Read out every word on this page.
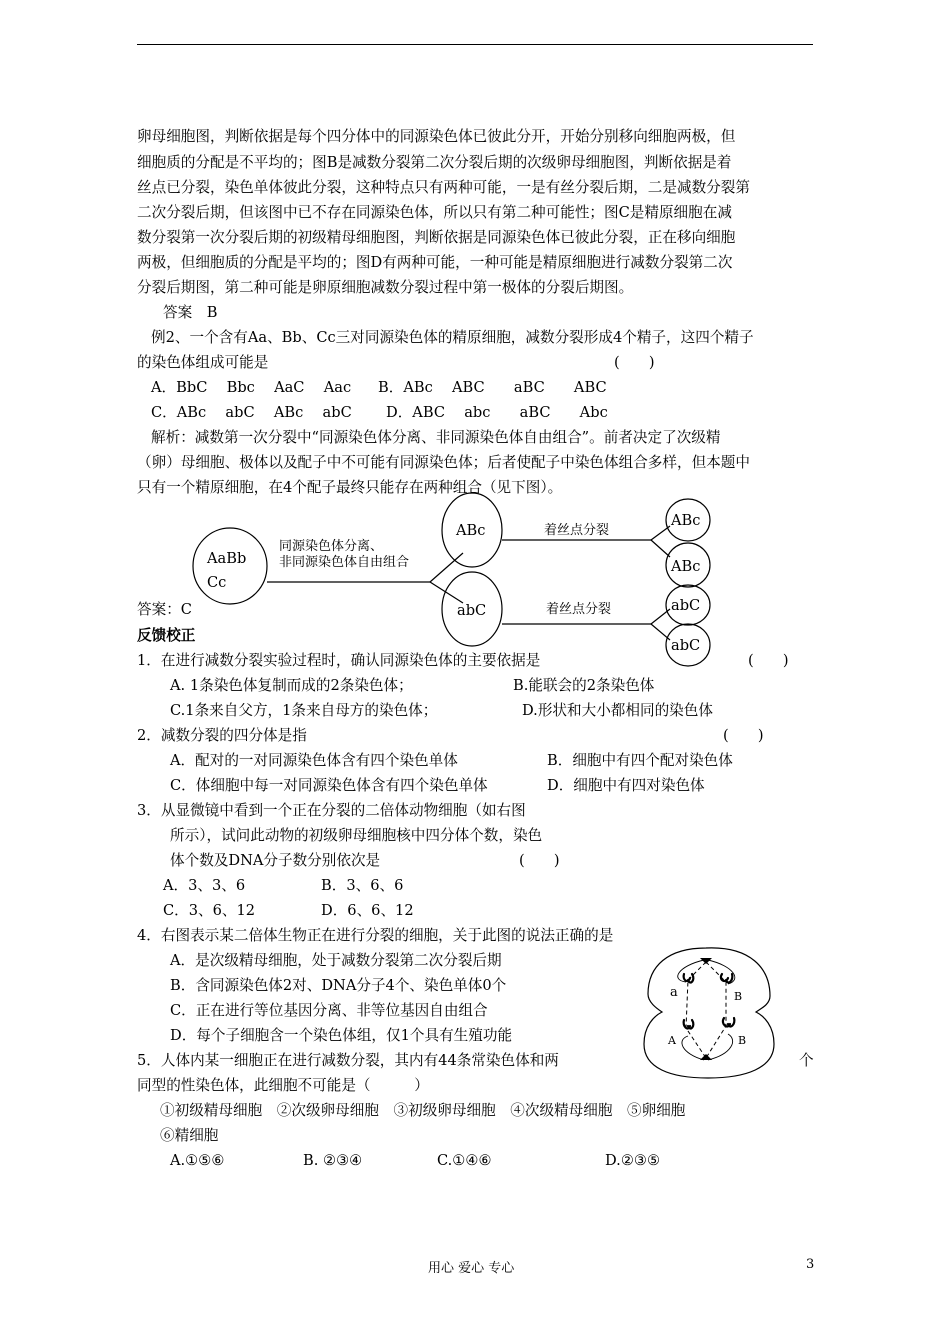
卵母细胞图，判断依据是每个四分体中的同源染色体已彼此分开，开始分别移向细胞两极，但
细胞质的分配是不平均的；图B是减数分裂第二次分裂后期的次级卵母细胞图，判断依据是着
丝点已分裂，染色单体彼此分裂，这种特点只有两种可能，一是有丝分裂后期，二是减数分裂第
二次分裂后期，但该图中已不存在同源染色体，所以只有第二种可能性；图C是精原细胞在减
数分裂第一次分裂后期的初级精母细胞图，判断依据是同源染色体已彼此分裂，正在移向细胞
两极，但细胞质的分配是平均的；图D有两种可能，一种可能是精原细胞进行减数分裂第二次
分裂后期图，第二种可能是卵原细胞减数分裂过程中第一极体的分裂后期图。
答案　B
例2、一个含有Aa、Bb、Cc三对同源染色体的精原细胞，减数分裂形成4个精子，这四个精子
的染色体组成可能是	(　　)
A．BbC　 Bbc　 AaC　 Aac B．ABc　 ABC　　aBC　　ABC
C．ABc　 abC　 ABc　 abC D．ABC　 abc　　aBC　　Abc
解析：减数第一次分裂中“同源染色体分离、非同源染色体自由组合”。前者决定了次级精
（卵）母细胞、极体以及配子中不可能有同源染色体；后者使配子中染色体组合多样，但本题中
只有一个精原细胞，在4个配子最终只能存在两种组合（见下图）。
AaBb
Cc
ABc
abC
ABc
ABc
abC
abC
同源染色体分离、
非同源染色体自由组合
着丝点分裂
着丝点分裂
答案：C
反馈校正
1．在进行减数分裂实验过程时，确认同源染色体的主要依据是	(　　)
A. 1条染色体复制而成的2条染色体；	B.能联会的2条染色体
C.1条来自父方，1条来自母方的染色体；	D.形状和大小都相同的染色体
2．减数分裂的四分体是指	(　　)
A．配对的一对同源染色体含有四个染色单体	B．细胞中有四个配对染色体
C．体细胞中每一对同源染色体含有四个染色单体	D．细胞中有四对染色体
3．从显微镜中看到一个正在分裂的二倍体动物细胞（如右图
所示），试问此动物的初级卵母细胞核中四分体个数，染色
体个数及DNA分子数分别依次是	(　　)
A．3、3、6	B．3、6、6
C．3、6、12	D．6、6、12
4．右图表示某二倍体生物正在进行分裂的细胞，关于此图的说法正确的是
A．是次级精母细胞，处于减数分裂第二次分裂后期
B．含同源染色体2对、DNA分子4个、染色单体0个
C．正在进行等位基因分离、非等位基因自由组合
D．每个子细胞含一个染色体组，仅1个具有生殖功能
a	B
A	B
5．人体内某一细胞正在进行减数分裂，其内有44条常染色体和两	个
同型的性染色体，此细胞不可能是（　　　）
①初级精母细胞　②次级卵母细胞　③初级卵母细胞　④次级精母细胞　⑤卵细胞
⑥精细胞
A.①⑤⑥	B. ②③④	C.①④⑥	D.②③⑤
用心 爱心 专心	3
